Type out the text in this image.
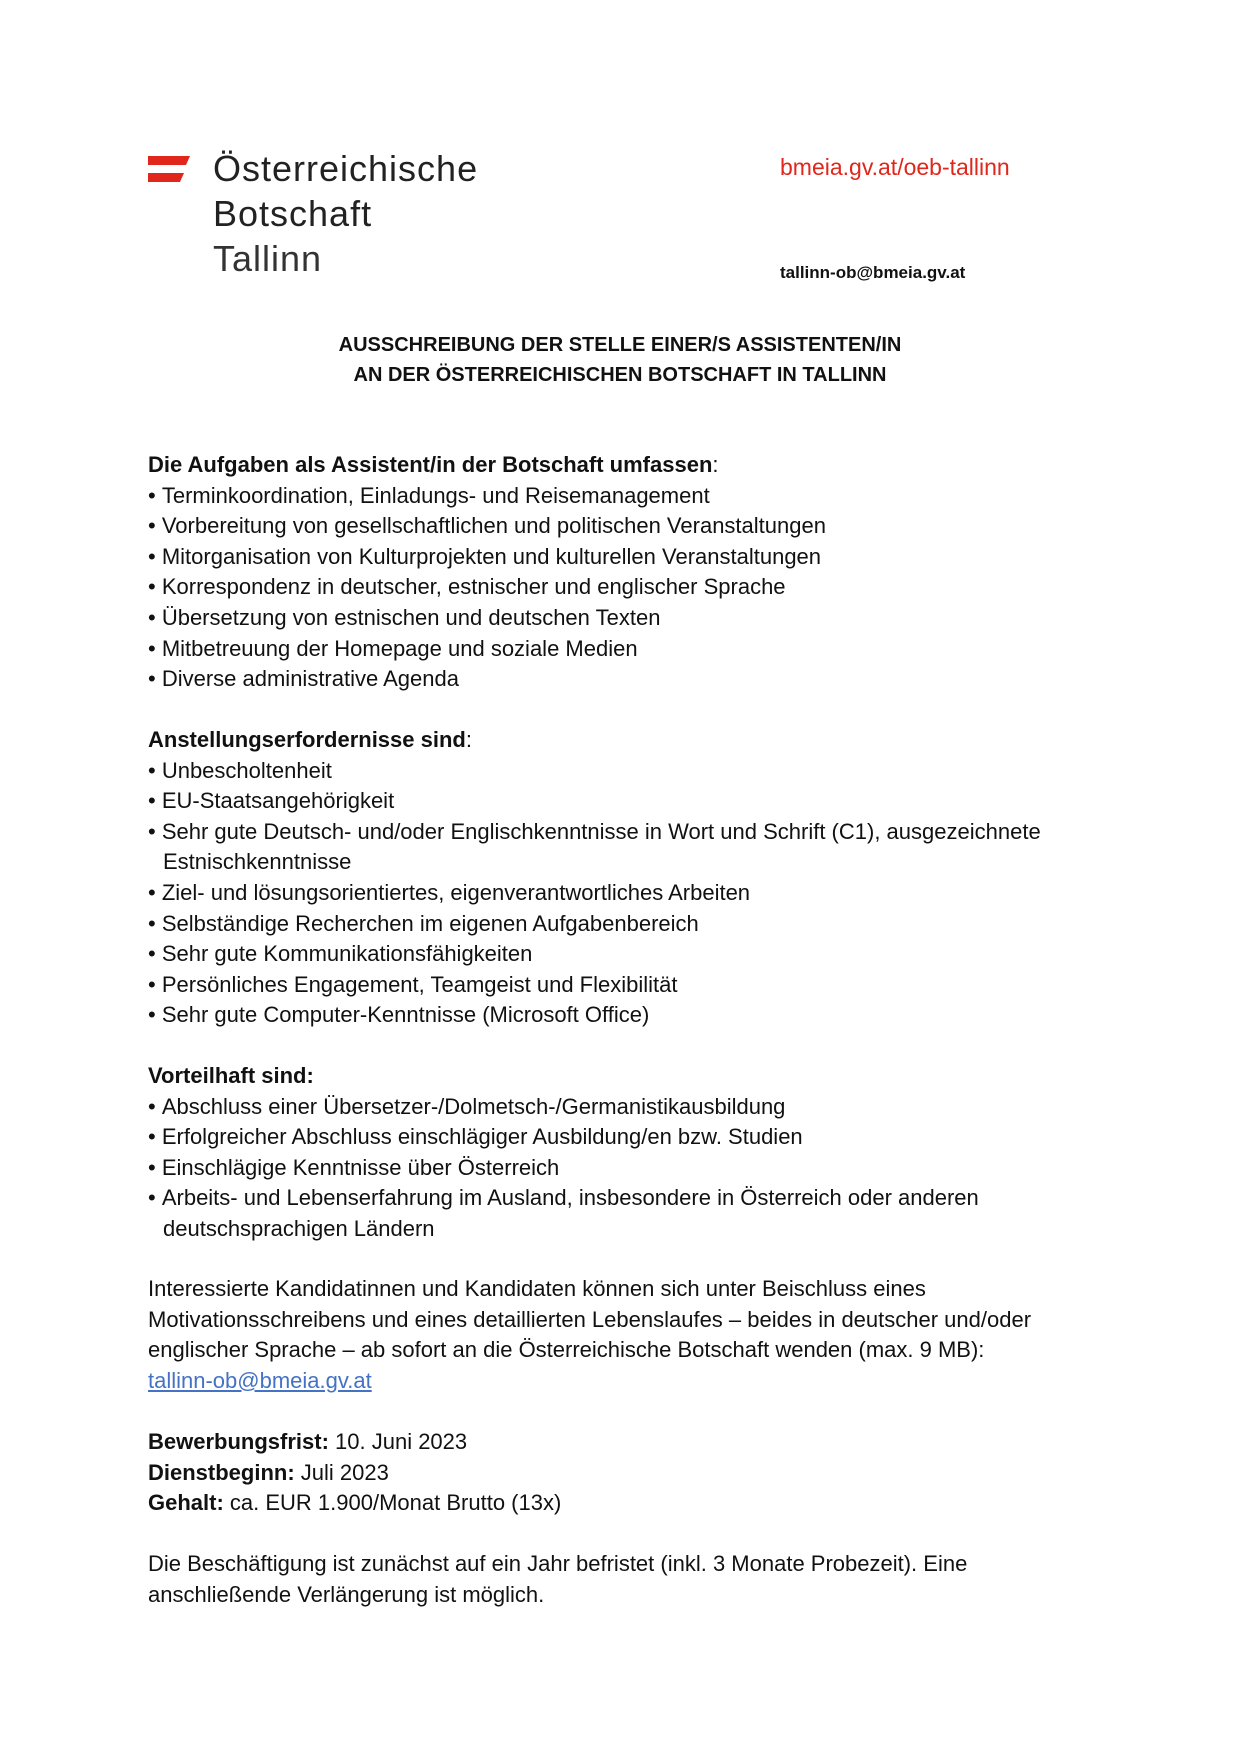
Österreichische
Botschaft
Tallinn
bmeia.gv.at/oeb-tallinn
tallinn-ob@bmeia.gv.at
AUSSCHREIBUNG DER STELLE EINER/S ASSISTENTEN/IN
AN DER ÖSTERREICHISCHEN BOTSCHAFT IN TALLINN
Die Aufgaben als Assistent/in der Botschaft umfassen:
• Terminkoordination, Einladungs- und Reisemanagement
• Vorbereitung von gesellschaftlichen und politischen Veranstaltungen
• Mitorganisation von Kulturprojekten und kulturellen Veranstaltungen
• Korrespondenz in deutscher, estnischer und englischer Sprache
• Übersetzung von estnischen und deutschen Texten
• Mitbetreuung der Homepage und soziale Medien
• Diverse administrative Agenda
Anstellungserfordernisse sind:
• Unbescholtenheit
• EU-Staatsangehörigkeit
• Sehr gute Deutsch- und/oder Englischkenntnisse in Wort und Schrift (C1), ausgezeichnete Estnischkenntnisse
• Ziel- und lösungsorientiertes, eigenverantwortliches Arbeiten
• Selbständige Recherchen im eigenen Aufgabenbereich
• Sehr gute Kommunikationsfähigkeiten
• Persönliches Engagement, Teamgeist und Flexibilität
• Sehr gute Computer-Kenntnisse (Microsoft Office)
Vorteilhaft sind:
• Abschluss einer Übersetzer-/Dolmetsch-/Germanistikausbildung
• Erfolgreicher Abschluss einschlägiger Ausbildung/en bzw. Studien
• Einschlägige Kenntnisse über Österreich
• Arbeits- und Lebenserfahrung im Ausland, insbesondere in Österreich oder anderen deutschsprachigen Ländern
Interessierte Kandidatinnen und Kandidaten können sich unter Beischluss eines Motivationsschreibens und eines detaillierten Lebenslaufes – beides in deutscher und/oder englischer Sprache – ab sofort an die Österreichische Botschaft wenden (max. 9 MB):
tallinn-ob@bmeia.gv.at
Bewerbungsfrist: 10. Juni 2023
Dienstbeginn: Juli 2023
Gehalt: ca. EUR 1.900/Monat Brutto (13x)
Die Beschäftigung ist zunächst auf ein Jahr befristet (inkl. 3 Monate Probezeit). Eine anschließende Verlängerung ist möglich.
